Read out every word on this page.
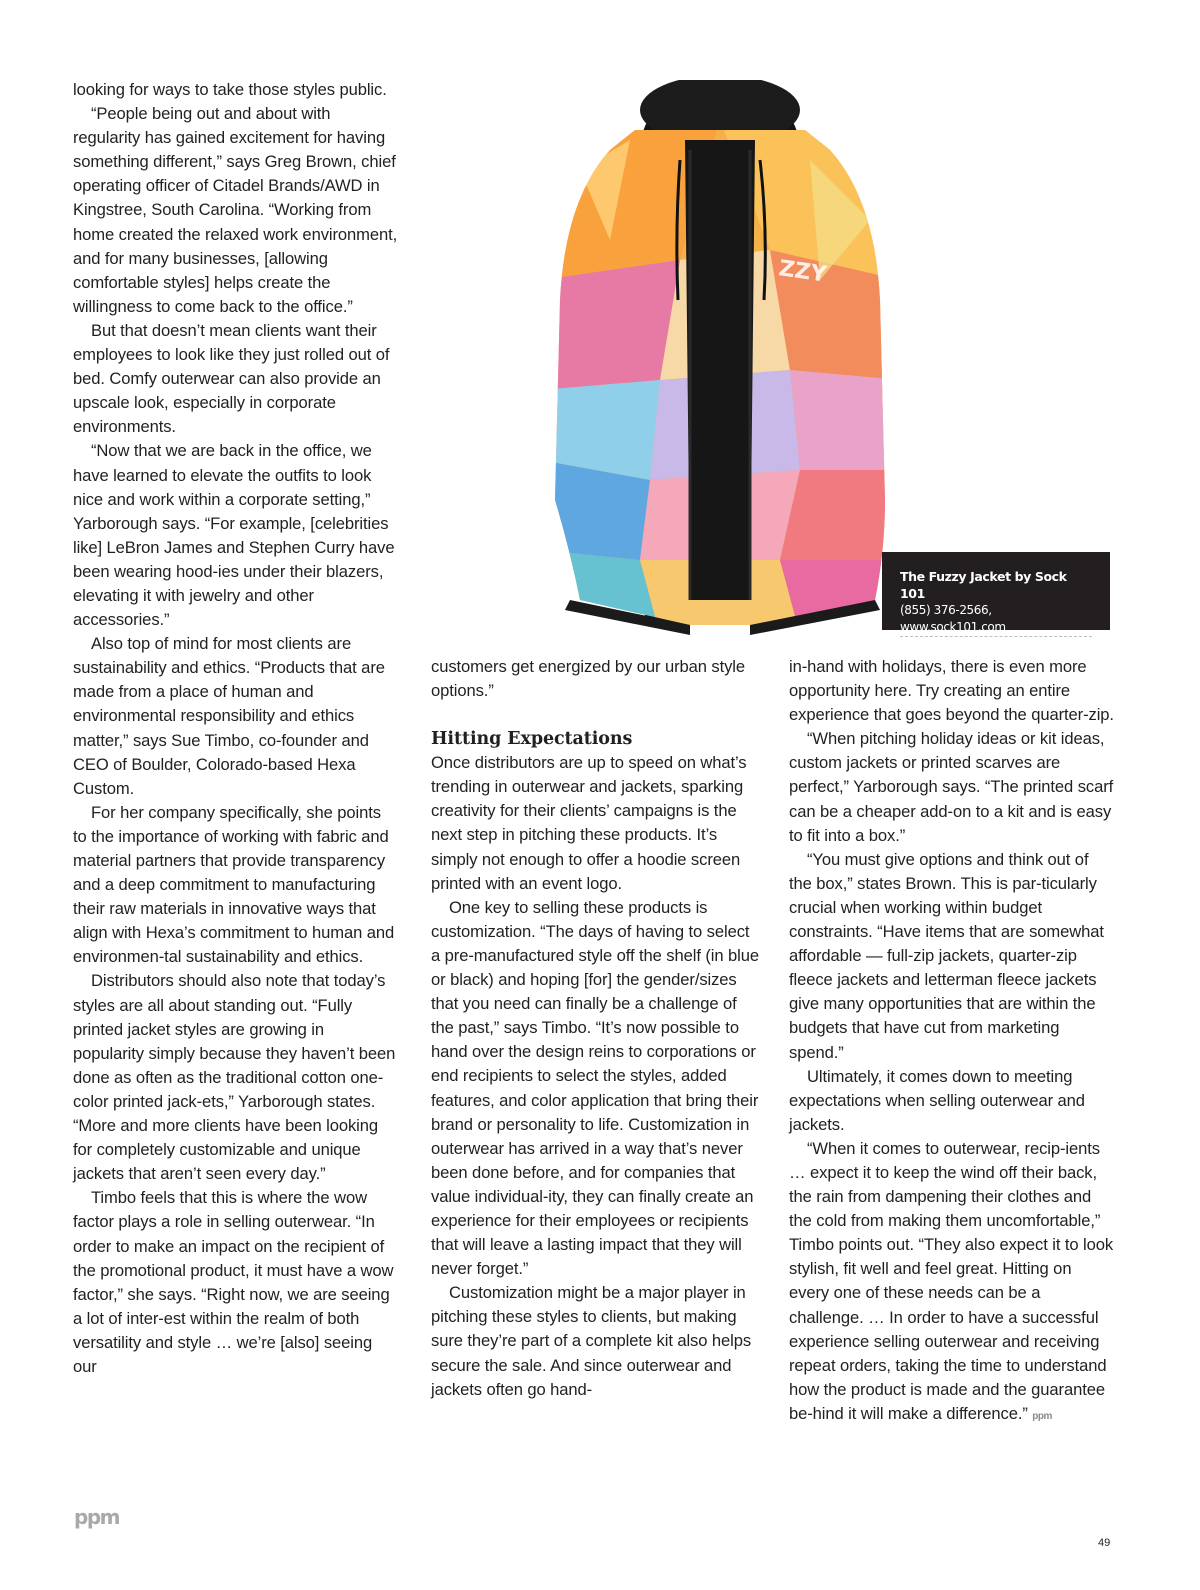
looking for ways to take those styles public.

“People being out and about with regularity has gained excitement for having something different,” says Greg Brown, chief operating officer of Citadel Brands/AWD in Kingstree, South Carolina. “Working from home created the relaxed work environment, and for many businesses, [allowing comfortable styles] helps create the willingness to come back to the office.”

But that doesn’t mean clients want their employees to look like they just rolled out of bed. Comfy outerwear can also provide an upscale look, especially in corporate environments.

“Now that we are back in the office, we have learned to elevate the outfits to look nice and work within a corporate setting,” Yarborough says. “For example, [celebrities like] LeBron James and Stephen Curry have been wearing hood-ies under their blazers, elevating it with jewelry and other accessories.”

Also top of mind for most clients are sustainability and ethics. “Products that are made from a place of human and environmental responsibility and ethics matter,” says Sue Timbo, co-founder and CEO of Boulder, Colorado-based Hexa Custom.

For her company specifically, she points to the importance of working with fabric and material partners that provide transparency and a deep commitment to manufacturing their raw materials in innovative ways that align with Hexa’s commitment to human and environmen-tal sustainability and ethics.

Distributors should also note that today’s styles are all about standing out. “Fully printed jacket styles are growing in popularity simply because they haven’t been done as often as the traditional cotton one-color printed jack-ets,” Yarborough states. “More and more clients have been looking for completely customizable and unique jackets that aren’t seen every day.”

Timbo feels that this is where the wow factor plays a role in selling outerwear. “In order to make an impact on the recipient of the promotional product, it must have a wow factor,” she says. “Right now, we are seeing a lot of inter-est within the realm of both versatility and style … we’re [also] seeing our

customers get energized by our urban style options.”

Hitting Expectations

Once distributors are up to speed on what’s trending in outerwear and jackets, sparking creativity for their clients’ campaigns is the next step in pitching these products. It’s simply not enough to offer a hoodie screen printed with an event logo.

One key to selling these products is customization. “The days of having to select a pre-manufactured style off the shelf (in blue or black) and hoping [for] the gender/sizes that you need can finally be a challenge of the past,” says Timbo. “It’s now possible to hand over the design reins to corporations or end recipients to select the styles, added features, and color application that bring their brand or personality to life. Customization in outerwear has arrived in a way that’s never been done before, and for companies that value individual-ity, they can finally create an experience for their employees or recipients that will leave a lasting impact that they will never forget.”

Customization might be a major player in pitching these styles to clients, but making sure they’re part of a complete kit also helps secure the sale. And since outerwear and jackets often go hand-

in-hand with holidays, there is even more opportunity here. Try creating an entire experience that goes beyond the quarter-zip.

“When pitching holiday ideas or kit ideas, custom jackets or printed scarves are perfect,” Yarborough says. “The printed scarf can be a cheaper add-on to a kit and is easy to fit into a box.”

“You must give options and think out of the box,” states Brown. This is par-ticularly crucial when working within budget constraints. “Have items that are somewhat affordable — full-zip jackets, quarter-zip fleece jackets and letterman fleece jackets give many opportunities that are within the budgets that have cut from marketing spend.”

Ultimately, it comes down to meeting expectations when selling outerwear and jackets.

“When it comes to outerwear, recip-ients … expect it to keep the wind off their back, the rain from dampening their clothes and the cold from making them uncomfortable,” Timbo points out. “They also expect it to look stylish, fit well and feel great. Hitting on every one of these needs can be a challenge. … In order to have a successful experience selling outerwear and receiving repeat orders, taking the time to understand how the product is made and the guarantee be-hind it will make a difference.” ppm

ZZY
The Fuzzy Jacket by Sock 101
(855) 376-2566, www.sock101.com
ppm
49
